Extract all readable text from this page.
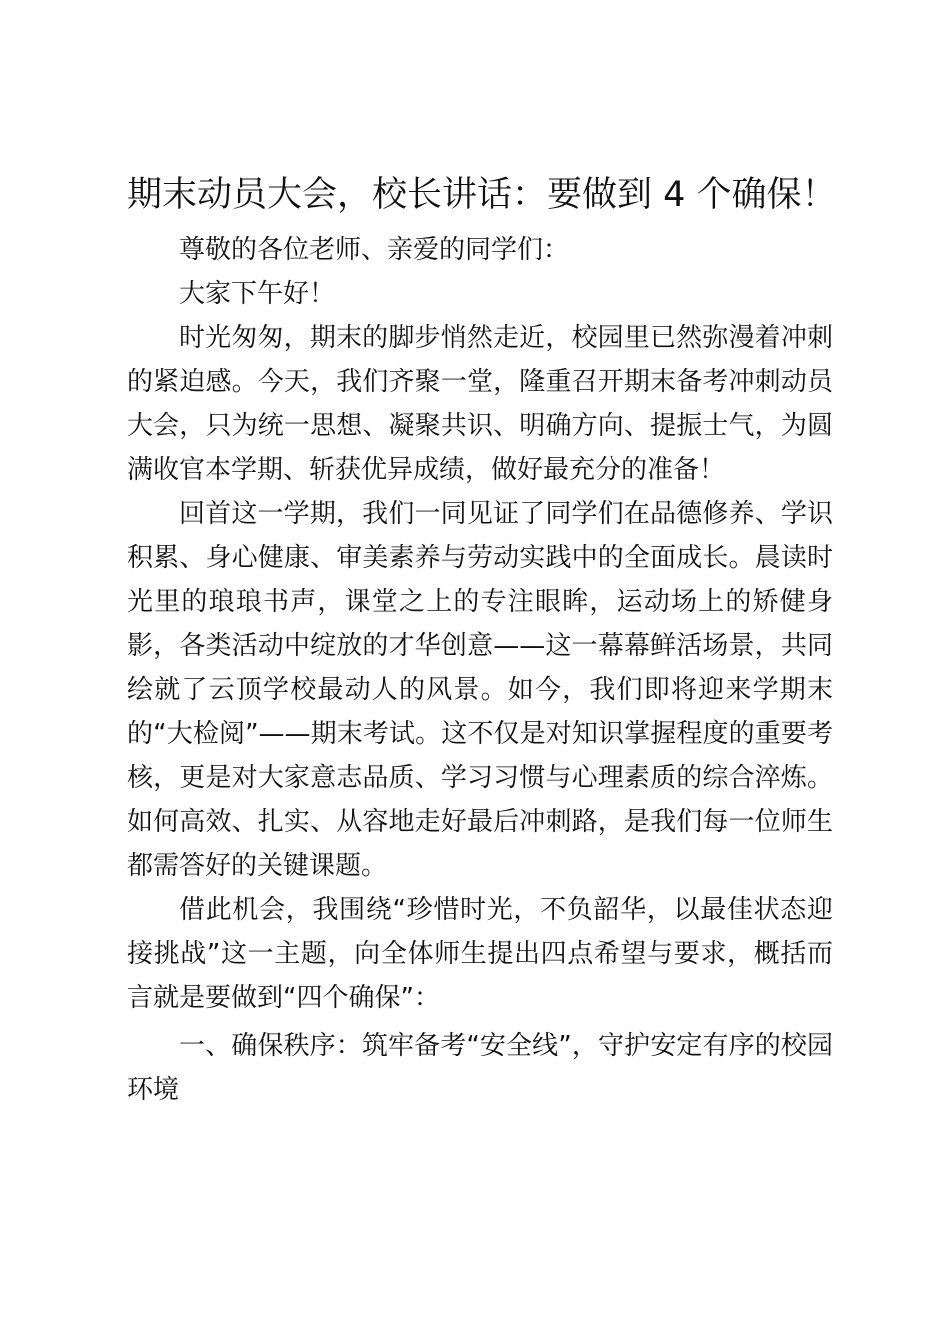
期末动员大会，校长讲话：要做到 4 个确保！

尊敬的各位老师、亲爱的同学们：

大家下午好！

时光匆匆，期末的脚步悄然走近，校园里已然弥漫着冲刺的紧迫感。今天，我们齐聚一堂，隆重召开期末备考冲刺动员大会，只为统一思想、凝聚共识、明确方向、提振士气，为圆满收官本学期、斩获优异成绩，做好最充分的准备！

回首这一学期，我们一同见证了同学们在品德修养、学识积累、身心健康、审美素养与劳动实践中的全面成长。晨读时光里的琅琅书声，课堂之上的专注眼眸，运动场上的矫健身影，各类活动中绽放的才华创意——这一幕幕鲜活场景，共同绘就了云顶学校最动人的风景。如今，我们即将迎来学期末的“大检阅”——期末考试。这不仅是对知识掌握程度的重要考核，更是对大家意志品质、学习习惯与心理素质的综合淬炼。如何高效、扎实、从容地走好最后冲刺路，是我们每一位师生都需答好的关键课题。

借此机会，我围绕“珍惜时光，不负韶华，以最佳状态迎接挑战”这一主题，向全体师生提出四点希望与要求，概括而言就是要做到“四个确保”：

一、确保秩序：筑牢备考“安全线”，守护安定有序的校园环境
